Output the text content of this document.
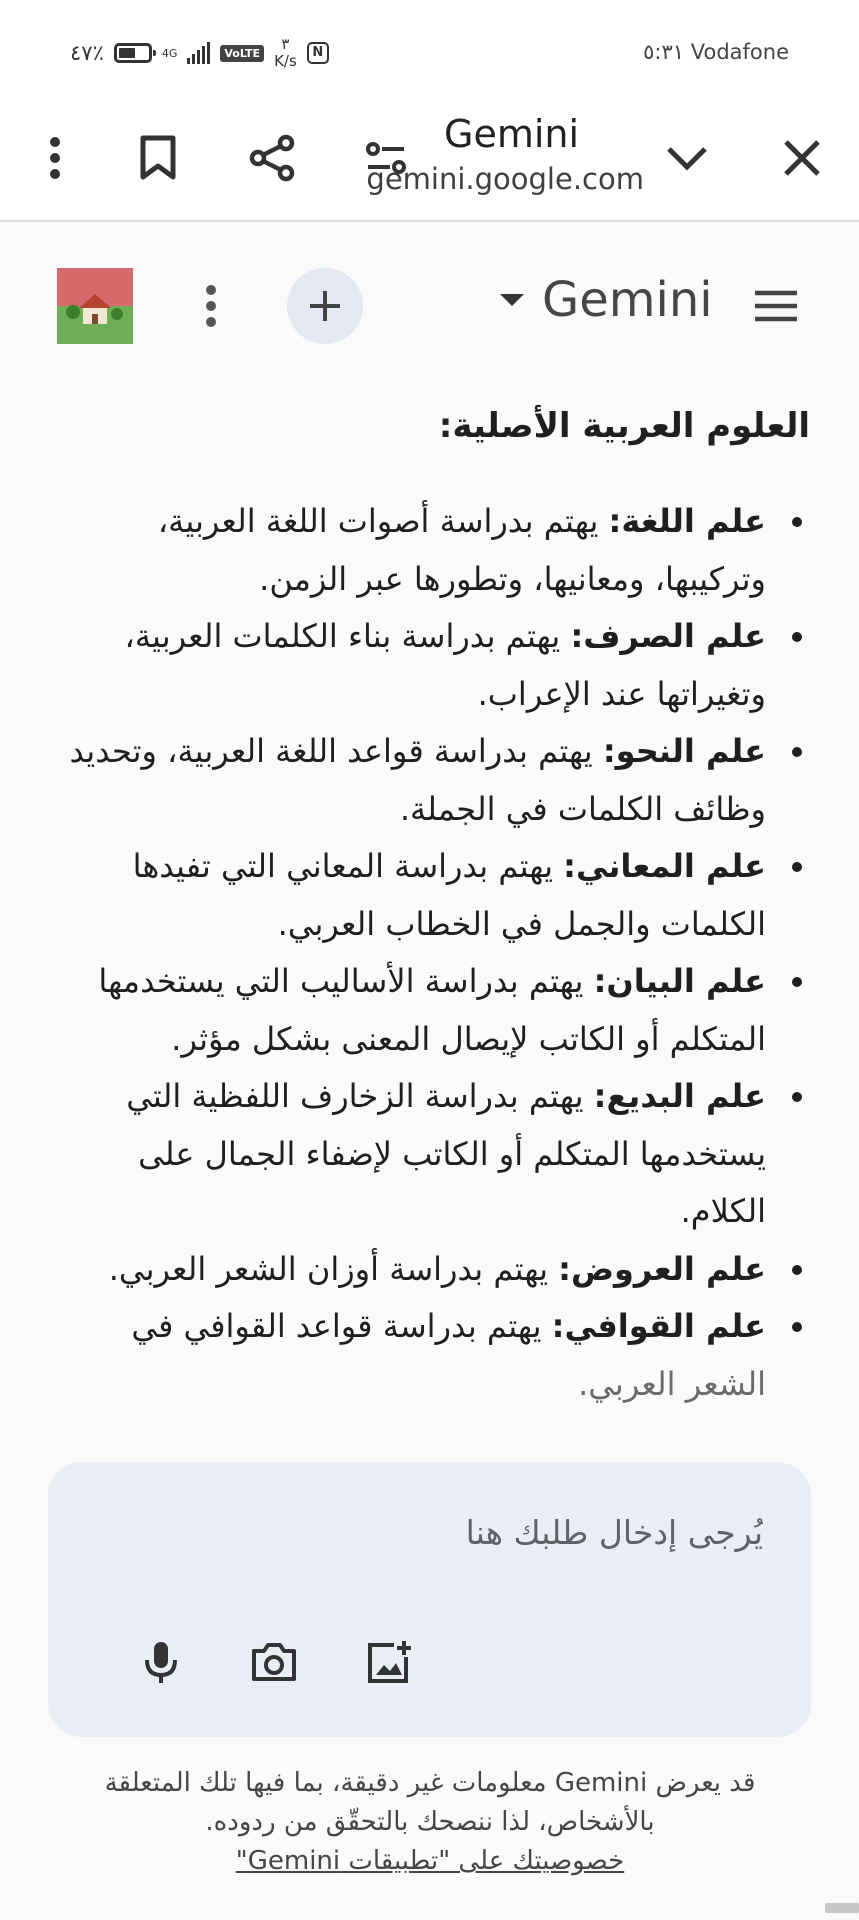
٤٧٪	4G	VoLTE	٣
K/s	N	٥:٣١ Vodafone
Gemini
gemini.google.com
Gemini
العلوم العربية الأصلية:
علم اللغة: يهتم بدراسة أصوات اللغة العربية، وتركيبها، ومعانيها، وتطورها عبر الزمن.
علم الصرف: يهتم بدراسة بناء الكلمات العربية، وتغيراتها عند الإعراب.
علم النحو: يهتم بدراسة قواعد اللغة العربية، وتحديد وظائف الكلمات في الجملة.
علم المعاني: يهتم بدراسة المعاني التي تفيدها الكلمات والجمل في الخطاب العربي.
علم البيان: يهتم بدراسة الأساليب التي يستخدمها المتكلم أو الكاتب لإيصال المعنى بشكل مؤثر.
علم البديع: يهتم بدراسة الزخارف اللفظية التي يستخدمها المتكلم أو الكاتب لإضفاء الجمال على الكلام.
علم العروض: يهتم بدراسة أوزان الشعر العربي.
علم القوافي: يهتم بدراسة قواعد القوافي في الشعر العربي.
يُرجى إدخال طلبك هنا
قد يعرض Gemini معلومات غير دقيقة، بما فيها تلك المتعلقة بالأشخاص، لذا ننصحك بالتحقّق من ردوده.
خصوصيتك على "تطبيقات Gemini"
